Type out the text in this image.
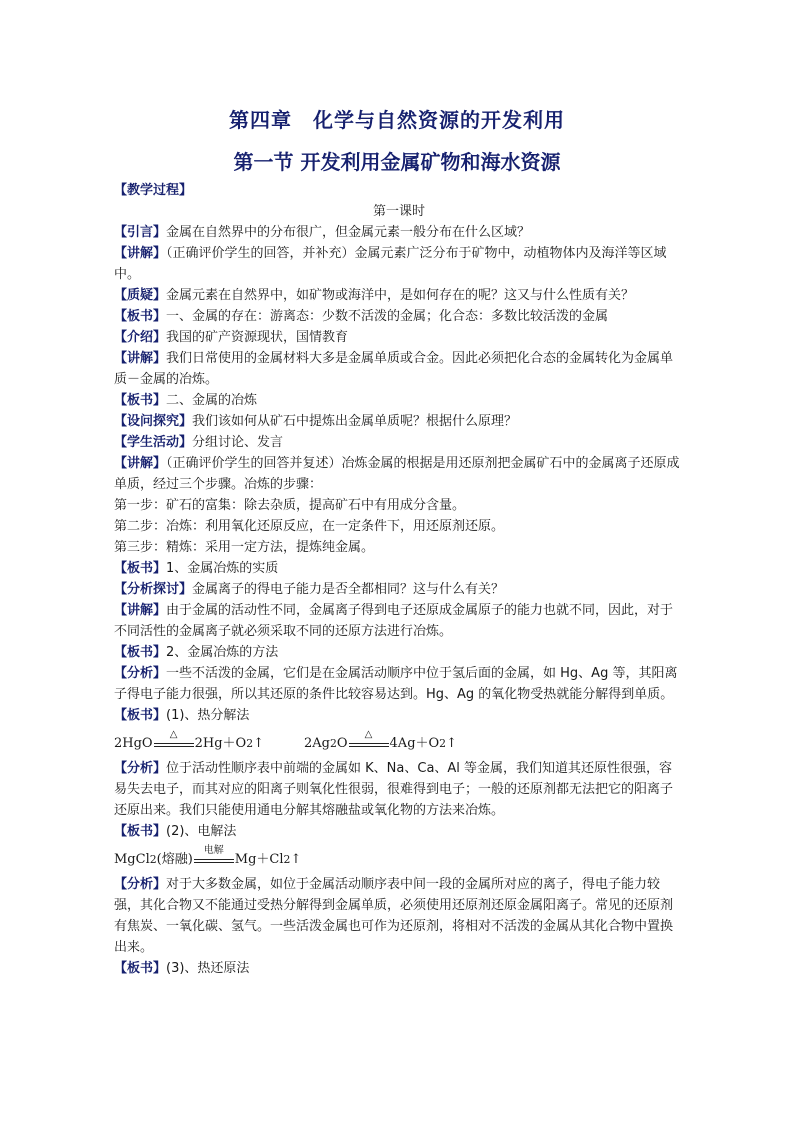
第四章　化学与自然资源的开发利用
第一节 开发利用金属矿物和海水资源

【教学过程】

第一课时

【引言】金属在自然界中的分布很广，但金属元素一般分布在什么区域？

【讲解】（正确评价学生的回答，并补充）金属元素广泛分布于矿物中，动植物体内及海洋等区域中。

【质疑】金属元素在自然界中，如矿物或海洋中，是如何存在的呢？这又与什么性质有关？

【板书】一、金属的存在：游离态：少数不活泼的金属；化合态：多数比较活泼的金属

【介绍】我国的矿产资源现状，国情教育

【讲解】我们日常使用的金属材料大多是金属单质或合金。因此必须把化合态的金属转化为金属单质－金属的冶炼。

【板书】二、金属的冶炼

【设问探究】我们该如何从矿石中提炼出金属单质呢？根据什么原理？

【学生活动】分组讨论、发言

【讲解】（正确评价学生的回答并复述）冶炼金属的根据是用还原剂把金属矿石中的金属离子还原成单质，经过三个步骤。冶炼的步骤：

第一步：矿石的富集：除去杂质，提高矿石中有用成分含量。

第二步：冶炼：利用氧化还原反应，在一定条件下，用还原剂还原。

第三步：精炼：采用一定方法，提炼纯金属。

【板书】1、金属冶炼的实质

【分析探讨】金属离子的得电子能力是否全都相同？这与什么有关？

【讲解】由于金属的活动性不同，金属离子得到电子还原成金属原子的能力也就不同，因此，对于不同活性的金属离子就必须采取不同的还原方法进行冶炼。

【板书】2、金属冶炼的方法

【分析】一些不活泼的金属，它们是在金属活动顺序中位于氢后面的金属，如 Hg、Ag 等，其阳离子得电子能力很强，所以其还原的条件比较容易达到。Hg、Ag 的氧化物受热就能分解得到单质。

【板书】(1)、热分解法

2HgO
△
2Hg＋O 2 ↑	2Ag 2 O
△
4Ag＋O 2 ↑

【分析】位于活动性顺序表中前端的金属如 K、Na、Ca、Al 等金属，我们知道其还原性很强，容易失去电子，而其对应的阳离子则氧化性很弱，很难得到电子；一般的还原剂都无法把它的阳离子还原出来。我们只能使用通电分解其熔融盐或氧化物的方法来冶炼。

【板书】(2)、电解法

MgCl 2 (熔融)
电解
Mg＋Cl 2 ↑

【分析】对于大多数金属，如位于金属活动顺序表中间一段的金属所对应的离子，得电子能力较强，其化合物又不能通过受热分解得到金属单质，必须使用还原剂还原金属阳离子。常见的还原剂有焦炭、一氧化碳、氢气。一些活泼金属也可作为还原剂，将相对不活泼的金属从其化合物中置换出来。

【板书】(3)、热还原法
